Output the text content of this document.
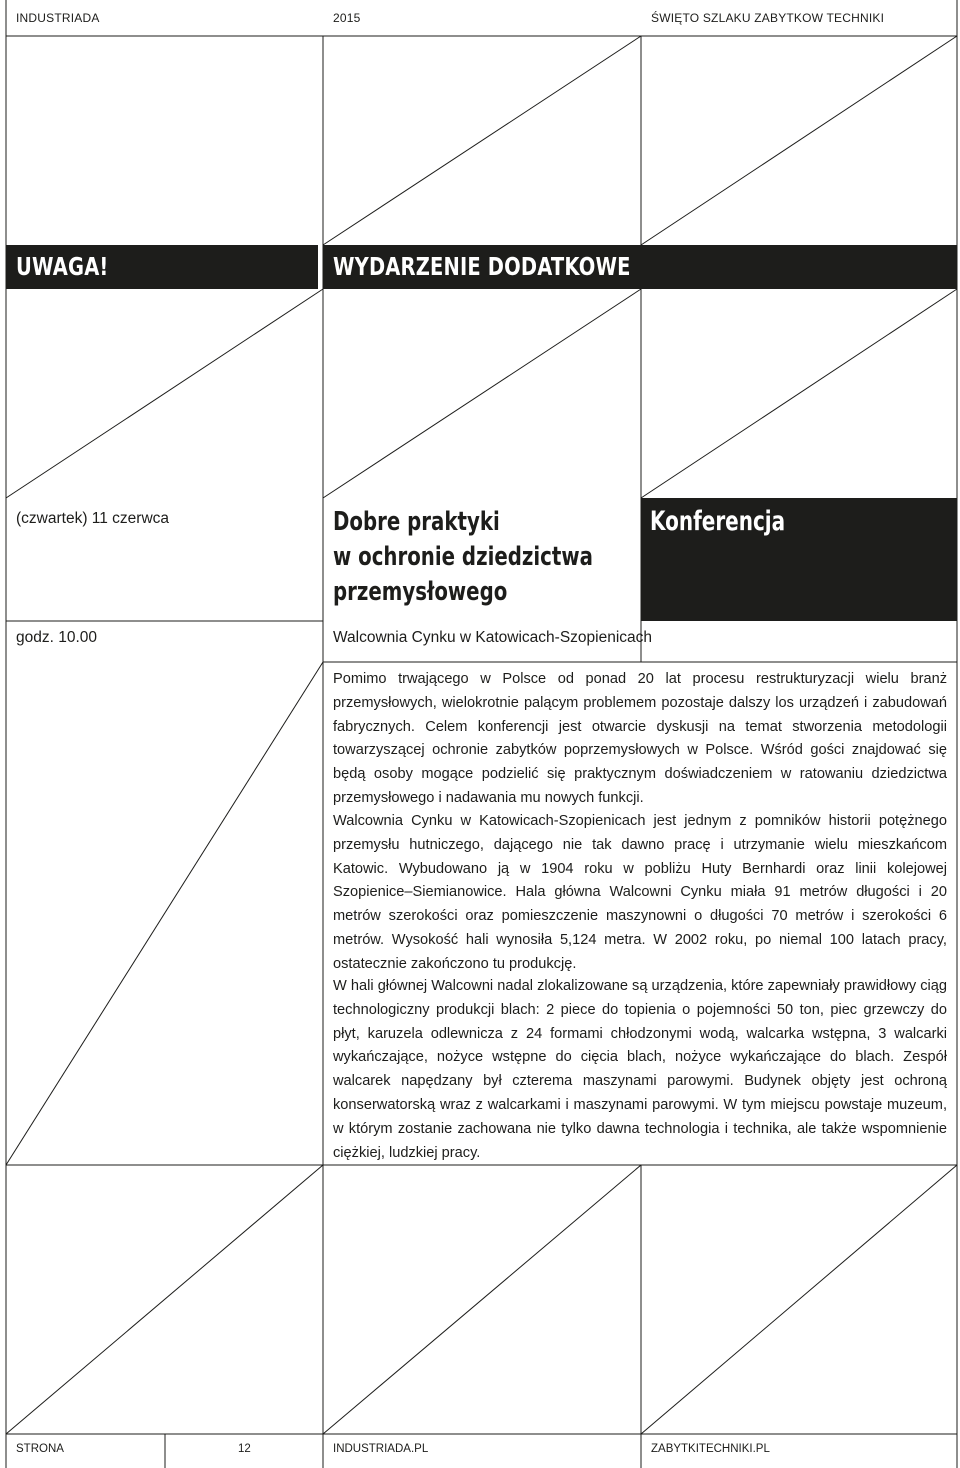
INDUSTRIADA	2015	ŚWIĘTO SZLAKU ZABYTKOW TECHNIKI
UWAGA!	WYDARZENIE DODATKOWE
(czwartek) 11 czerwca	Dobre praktyki
w ochronie dziedzictwa
przemysłowego
Konferencja
godz. 10.00	Walcownia Cynku w Katowicach-Szopienicach
Pomimo trwającego w Polsce od ponad 20 lat procesu restrukturyzacji wielu branż przemysłowych, wielokrotnie palącym problemem pozostaje dalszy los urządzeń i zabudowań fabrycznych. Celem konferencji jest otwarcie dyskusji na temat stworzenia metodologii towarzyszącej ochronie zabytków poprzemysłowych w Polsce. Wśród gości znajdować się będą osoby mogące podzielić się praktycznym doświadczeniem w ratowaniu dziedzictwa przemysłowego i nadawania mu nowych funkcji.
Walcownia Cynku w Katowicach-Szopienicach jest jednym z pomników historii potężnego przemysłu hutniczego, dającego nie tak dawno pracę i utrzymanie wielu mieszkańcom Katowic. Wybudowano ją w 1904 roku w pobliżu Huty Bernhardi oraz linii kolejowej Szopienice–Siemianowice. Hala główna Walcowni Cynku miała 91 metrów długości i 20 metrów szerokości oraz pomieszczenie maszynowni o długości 70 metrów i szerokości 6 metrów. Wysokość hali wynosiła 5,124 metra. W 2002 roku, po niemal 100 latach pracy, ostatecznie zakończono tu produkcję.
W hali głównej Walcowni nadal zlokalizowane są urządzenia, które zapewniały prawidłowy ciąg technologiczny produkcji blach: 2 piece do topienia o pojemności 50 ton, piec grzewczy do płyt, karuzela odlewnicza z 24 formami chłodzonymi wodą, walcarka wstępna, 3 walcarki wykańczające, nożyce wstępne do cięcia blach, nożyce wykańczające do blach. Zespół walcarek napędzany był czterema maszynami parowymi. Budynek objęty jest ochroną konserwatorską wraz z walcarkami i maszynami parowymi. W tym miejscu powstaje muzeum, w którym zostanie zachowana nie tylko dawna technologia i technika, ale także wspomnienie ciężkiej, ludzkiej pracy.
STRONA	12	INDUSTRIADA.PL	ZABYTKITECHNIKI.PL
